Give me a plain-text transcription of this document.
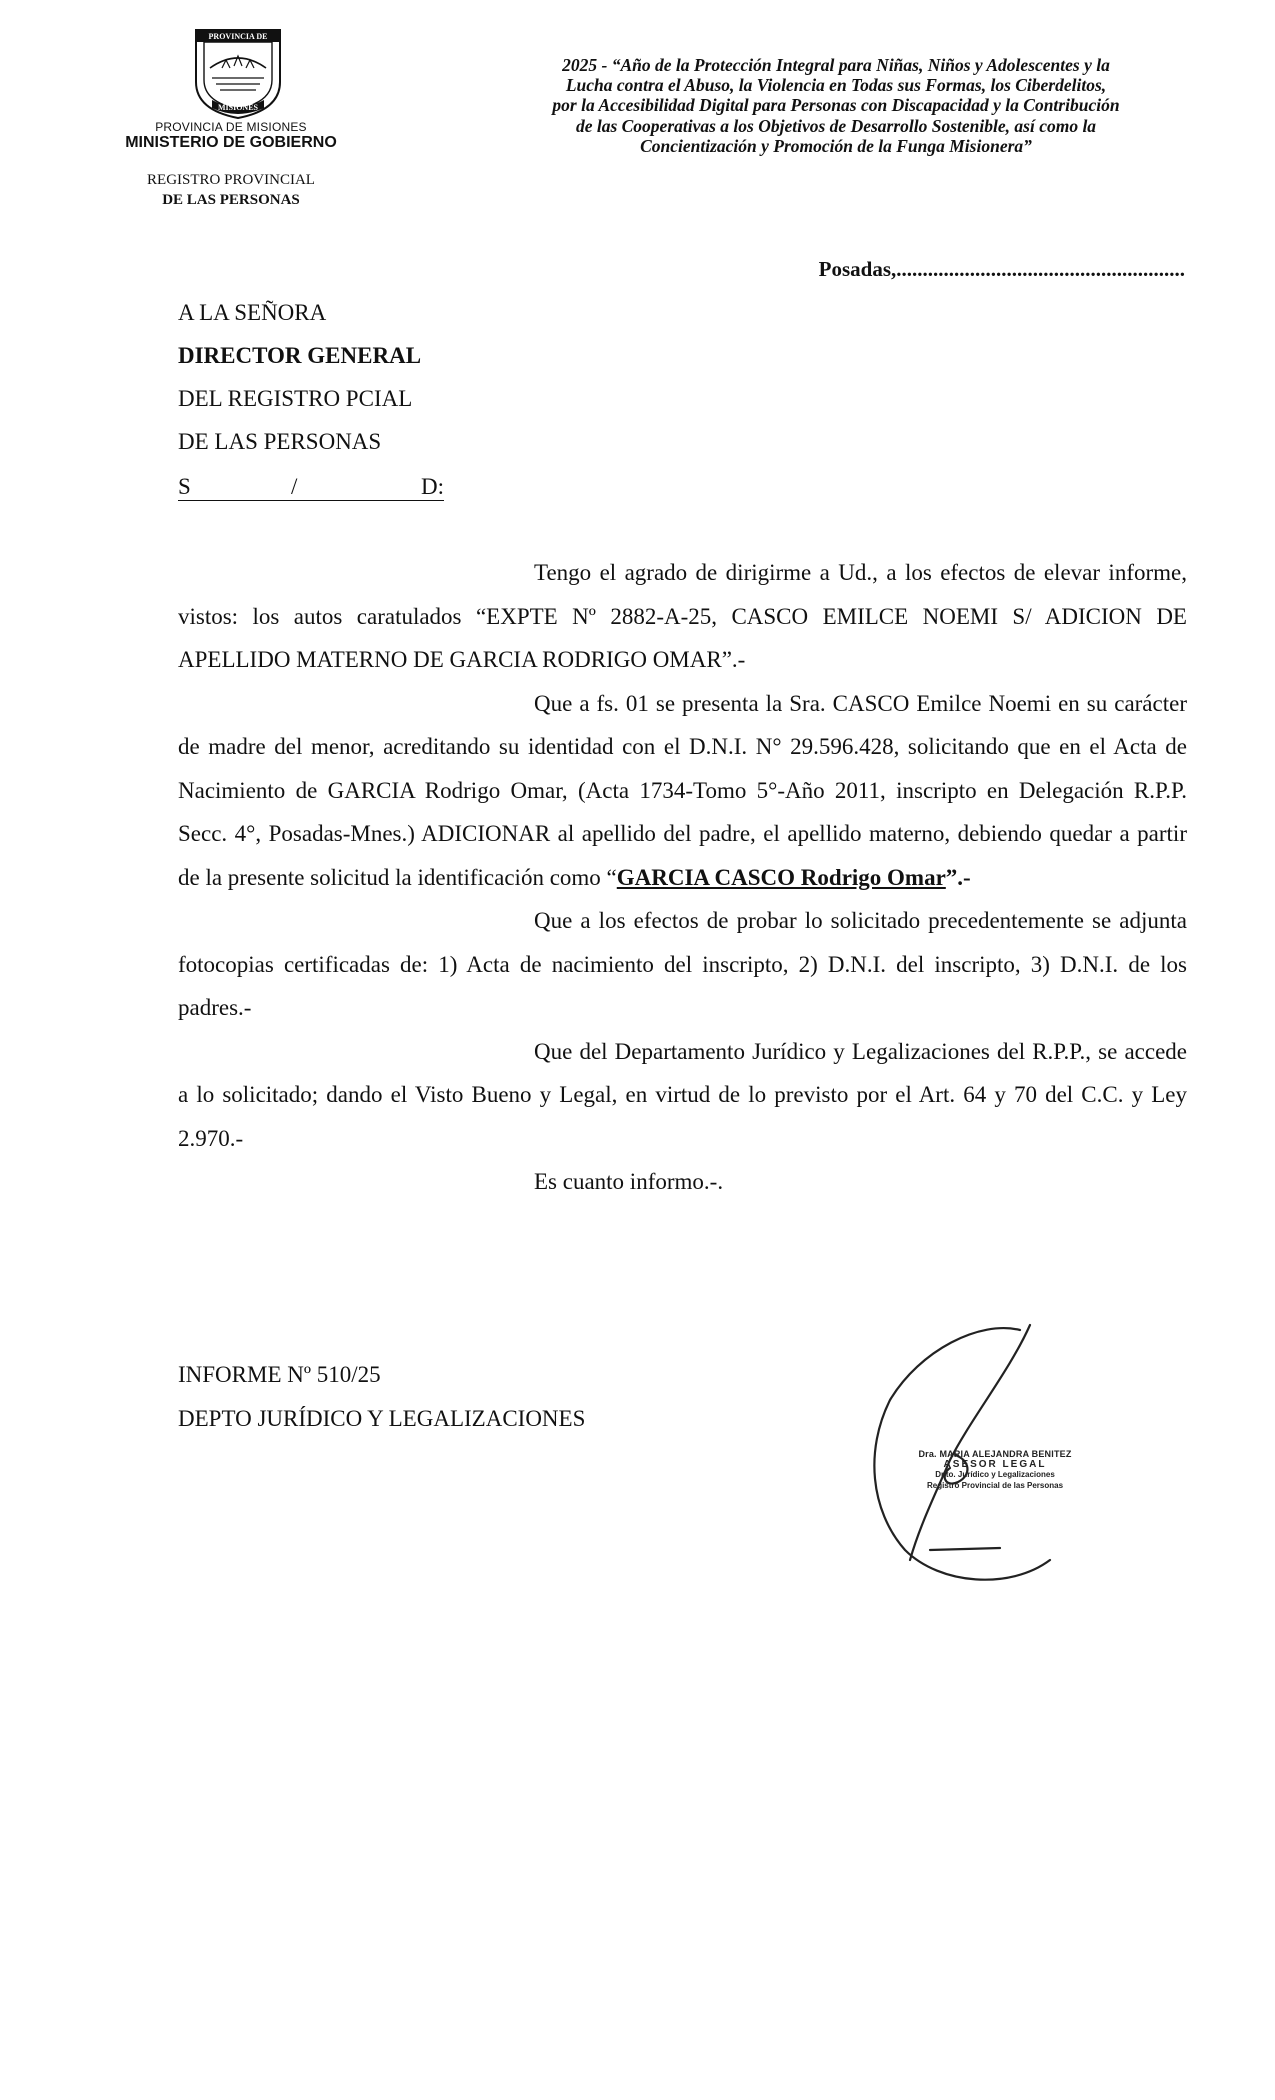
PROVINCIA DE
MISIONES
PROVINCIA DE MISIONES
MINISTERIO DE GOBIERNO
REGISTRO PROVINCIAL
DE LAS PERSONAS
2025 - “Año de la Protección Integral para Niñas, Niños y Adolescentes y la
Lucha contra el Abuso, la Violencia en Todas sus Formas, los Ciberdelitos,
por la Accesibilidad Digital para Personas con Discapacidad y la Contribución
de las Cooperativas a los Objetivos de Desarrollo Sostenible, así como la
Concientización y Promoción de la Funga Misionera”
Posadas,.......................................................
A LA SEÑORA
DIRECTOR GENERAL
DEL REGISTRO PCIAL
DE LAS PERSONAS
S	/	D:

Tengo el agrado de dirigirme a Ud., a los efectos de elevar informe, vistos: los autos caratulados “EXPTE Nº 2882-A-25, CASCO EMILCE NOEMI S/ ADICION DE APELLIDO MATERNO DE GARCIA RODRIGO OMAR”.-

Que a fs. 01 se presenta la Sra. CASCO Emilce Noemi en su carácter de madre del menor, acreditando su identidad con el D.N.I. N° 29.596.428, solicitando que en el Acta de Nacimiento de GARCIA Rodrigo Omar, (Acta 1734-Tomo 5°-Año 2011, inscripto en Delegación R.P.P. Secc. 4°, Posadas-Mnes.) ADICIONAR al apellido del padre, el apellido materno, debiendo quedar a partir de la presente solicitud la identificación como “GARCIA CASCO Rodrigo Omar”.-

Que a los efectos de probar lo solicitado precedentemente se adjunta fotocopias certificadas de: 1) Acta de nacimiento del inscripto, 2) D.N.I. del inscripto, 3) D.N.I. de los padres.-

Que del Departamento Jurídico y Legalizaciones del R.P.P., se accede a lo solicitado; dando el Visto Bueno y Legal, en virtud de lo previsto por el Art. 64 y 70 del C.C. y Ley 2.970.-

Es cuanto informo.-.

INFORME Nº 510/25
DEPTO JURÍDICO Y LEGALIZACIONES
Dra. MARIA ALEJANDRA BENITEZ
ASESOR LEGAL
Dpto. Jurídico y Legalizaciones
Registro Provincial de las Personas
